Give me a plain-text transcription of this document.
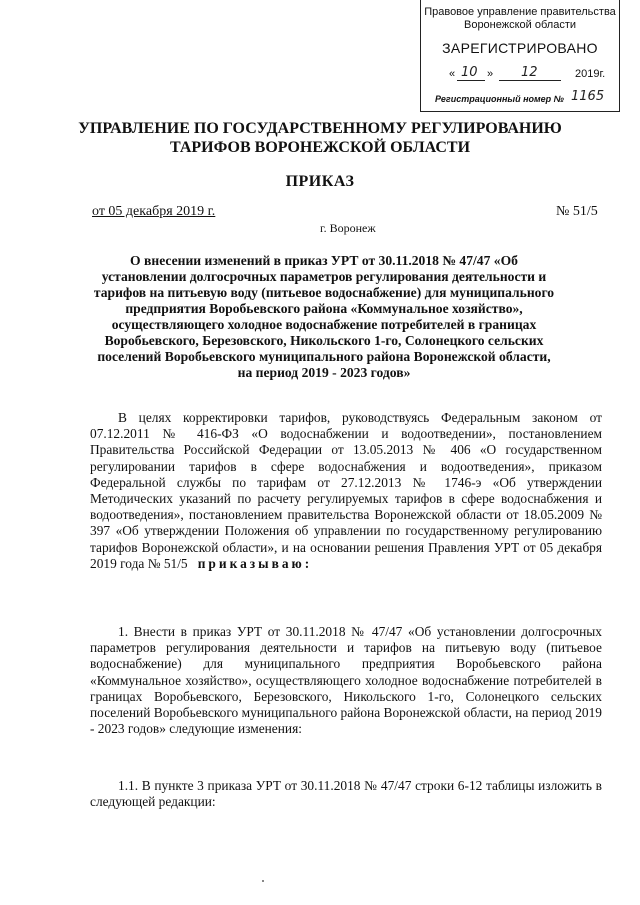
Правовое управление правительства Воронежской области
ЗАРЕГИСТРИРОВАНО
« 10 » 12	2019г.
Регистрационный номер № 1165
УПРАВЛЕНИЕ ПО ГОСУДАРСТВЕННОМУ РЕГУЛИРОВАНИЮ
ТАРИФОВ ВОРОНЕЖСКОЙ ОБЛАСТИ
ПРИКАЗ
от 05 декабря 2019 г.	№ 51/5
г. Воронеж
О внесении изменений в приказ УРТ от 30.11.2018 № 47/47 «Об установлении долгосрочных параметров регулирования деятельности и тарифов на питьевую воду (питьевое водоснабжение) для муниципального предприятия Воробьевского района «Коммунальное хозяйство», осуществляющего холодное водоснабжение потребителей в границах Воробьевского, Березовского, Никольского 1-го, Солонецкого сельских поселений Воробьевского муниципального района Воронежской области, на период 2019 - 2023 годов»
В целях корректировки тарифов, руководствуясь Федеральным законом от 07.12.2011 № 416-ФЗ «О водоснабжении и водоотведении», постановлением Правительства Российской Федерации от 13.05.2013 № 406 «О государственном регулировании тарифов в сфере водоснабжения и водоотведения», приказом Федеральной службы по тарифам от 27.12.2013 № 1746-э «Об утверждении Методических указаний по расчету регулируемых тарифов в сфере водоснабжения и водоотведения», постановлением правительства Воронежской области от 18.05.2009 № 397 «Об утверждении Положения об управлении по государственному регулированию тарифов Воронежской области», и на основании решения Правления УРТ от 05 декабря 2019 года № 51/5 приказываю:
1. Внести в приказ УРТ от 30.11.2018 № 47/47 «Об установлении долгосрочных параметров регулирования деятельности и тарифов на питьевую воду (питьевое водоснабжение) для муниципального предприятия Воробьевского района «Коммунальное хозяйство», осуществляющего холодное водоснабжение потребителей в границах Воробьевского, Березовского, Никольского 1-го, Солонецкого сельских поселений Воробьевского муниципального района Воронежской области, на период 2019 - 2023 годов» следующие изменения:
1.1. В пункте 3 приказа УРТ от 30.11.2018 № 47/47 строки 6-12 таблицы изложить в следующей редакции:
